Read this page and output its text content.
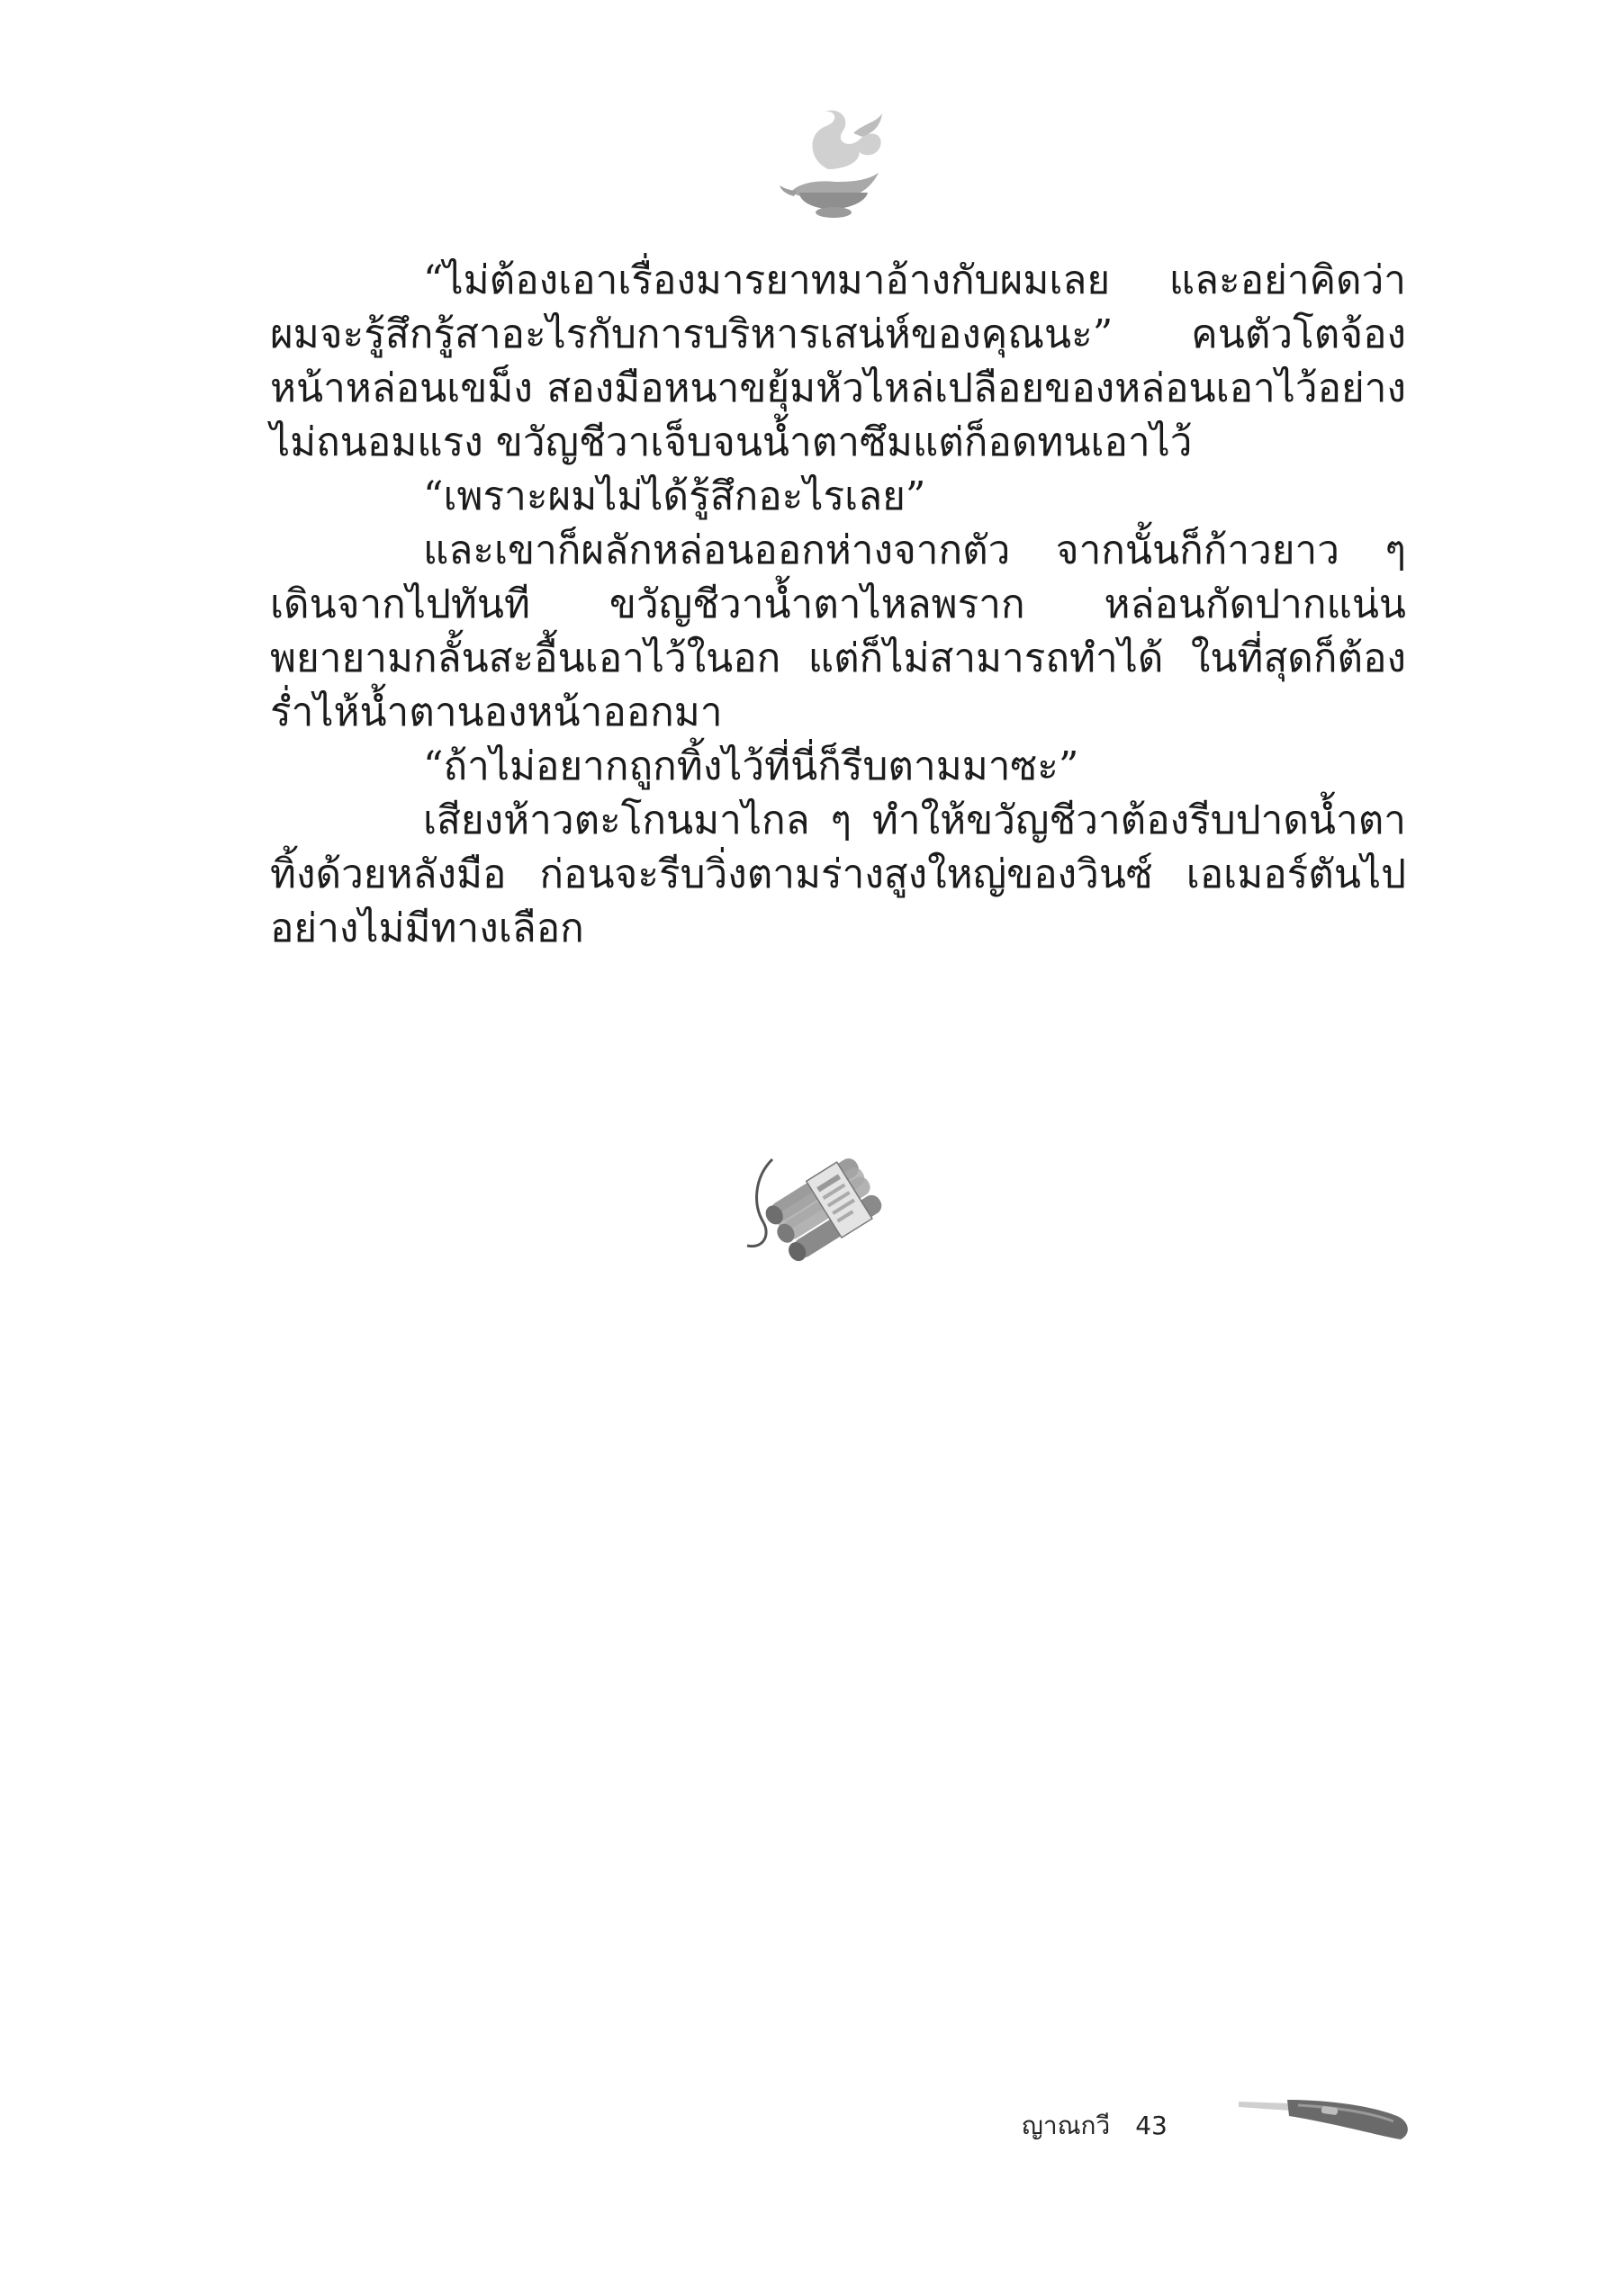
“ไม่ต้องเอาเรื่องมารยาทมาอ้างกับผมเลย และอย่าคิดว่าผมจะรู้สึกรู้สาอะไรกับการบริหารเสน่ห์ของคุณนะ” คนตัวโตจ้องหน้าหล่อนเขม็ง สองมือหนาขยุ้มหัวไหล่เปลือยของหล่อนเอาไว้อย่างไม่ถนอมแรง ขวัญชีวาเจ็บจนน้ำตาซึมแต่ก็อดทนเอาไว้

“เพราะผมไม่ได้รู้สึกอะไรเลย”

และเขาก็ผลักหล่อนออกห่างจากตัว จากนั้นก็ก้าวยาว ๆ เดินจากไปทันที ขวัญชีวาน้ำตาไหลพราก หล่อนกัดปากแน่นพยายามกลั้นสะอื้นเอาไว้ในอก แต่ก็ไม่สามารถทำได้ ในที่สุดก็ต้องร่ำไห้น้ำตานองหน้าออกมา

“ถ้าไม่อยากถูกทิ้งไว้ที่นี่ก็รีบตามมาซะ”

เสียงห้าวตะโกนมาไกล ๆ ทำให้ขวัญชีวาต้องรีบปาดน้ำตาทิ้งด้วยหลังมือ ก่อนจะรีบวิ่งตามร่างสูงใหญ่ของวินซ์ เอเมอร์ตันไปอย่างไม่มีทางเลือก

ญาณกวี 43
